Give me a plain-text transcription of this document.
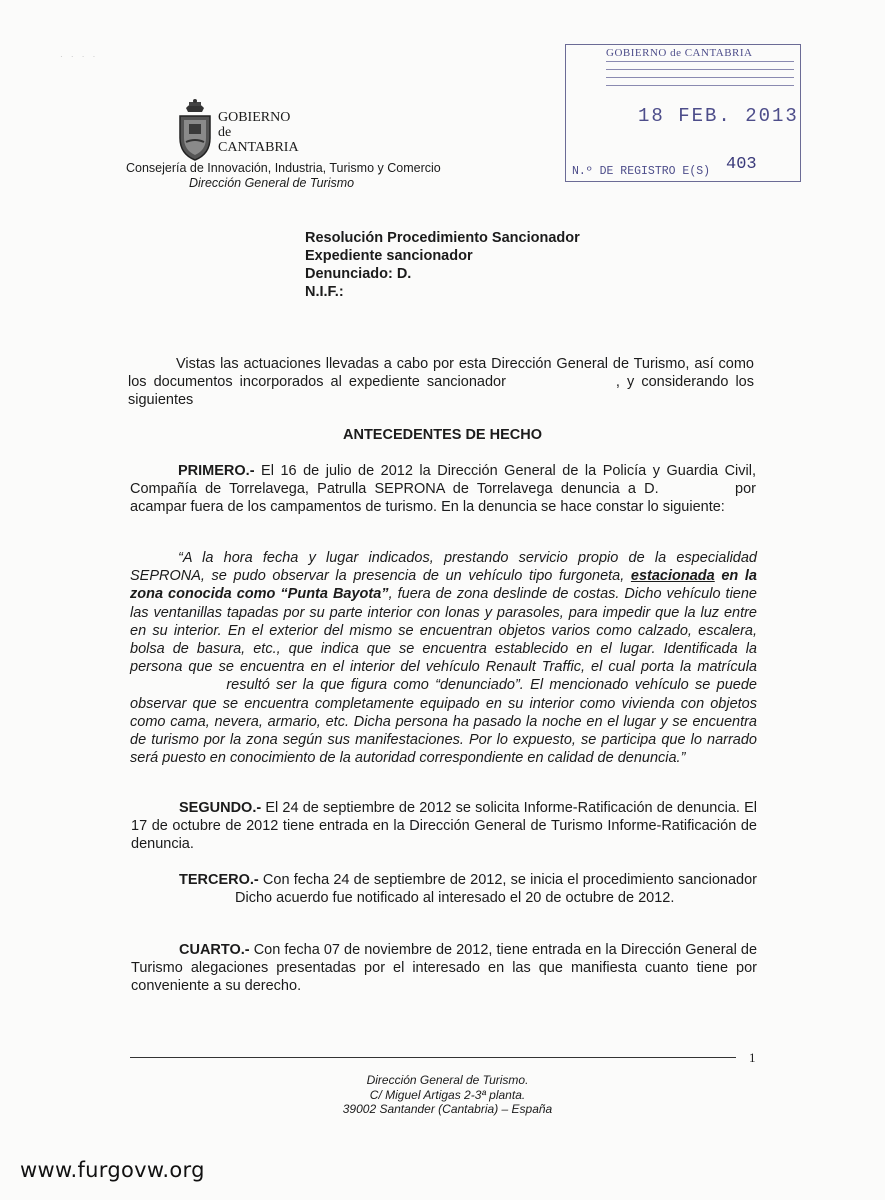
· · · ·
GOBIERNO
de
CANTABRIA
Consejería de Innovación, Industria, Turismo y Comercio
Dirección General de Turismo
GOBIERNO de CANTABRIA
18 FEB. 2013
N.º DE REGISTRO E(S) 403
Resolución Procedimiento Sancionador
Expediente sancionador
Denunciado: D.
N.I.F.:
Vistas las actuaciones llevadas a cabo por esta Dirección General de Turismo, así como los documentos incorporados al expediente sancionador	, y considerando los siguientes
ANTECEDENTES DE HECHO
PRIMERO.- El 16 de julio de 2012 la Dirección General de la Policía y Guardia Civil, Compañía de Torrelavega, Patrulla SEPRONA de Torrelavega denuncia a D.	por acampar fuera de los campamentos de turismo. En la denuncia se hace constar lo siguiente:
“A la hora fecha y lugar indicados, prestando servicio propio de la especialidad SEPRONA, se pudo observar la presencia de un vehículo tipo furgoneta, estacionada en la zona conocida como “Punta Bayota”, fuera de zona deslinde de costas. Dicho vehículo tiene las ventanillas tapadas por su parte interior con lonas y parasoles, para impedir que la luz entre en su interior. En el exterior del mismo se encuentran objetos varios como calzado, escalera, bolsa de basura, etc., que indica que se encuentra establecido en el lugar. Identificada la persona que se encuentra en el interior del vehículo Renault Traffic, el cual porta la matrícula  resultó ser la que figura como “denunciado”. El mencionado vehículo se puede observar que se encuentra completamente equipado en su interior como vivienda con objetos como cama, nevera, armario, etc. Dicha persona ha pasado la noche en el lugar y se encuentra de turismo por la zona según sus manifestaciones. Por lo expuesto, se participa que lo narrado será puesto en conocimiento de la autoridad correspondiente en calidad de denuncia.”
SEGUNDO.- El 24 de septiembre de 2012 se solicita Informe-Ratificación de denuncia. El 17 de octubre de 2012 tiene entrada en la Dirección General de Turismo Informe-Ratificación de denuncia.
TERCERO.- Con fecha 24 de septiembre de 2012, se inicia el procedimiento sancionador  Dicho acuerdo fue notificado al interesado el 20 de octubre de 2012.
CUARTO.- Con fecha 07 de noviembre de 2012, tiene entrada en la Dirección General de Turismo alegaciones presentadas por el interesado en las que manifiesta cuanto tiene por conveniente a su derecho.
1
Dirección General de Turismo.
C/ Miguel Artigas 2-3ª planta.
39002 Santander (Cantabria) – España
www.furgovw.org
